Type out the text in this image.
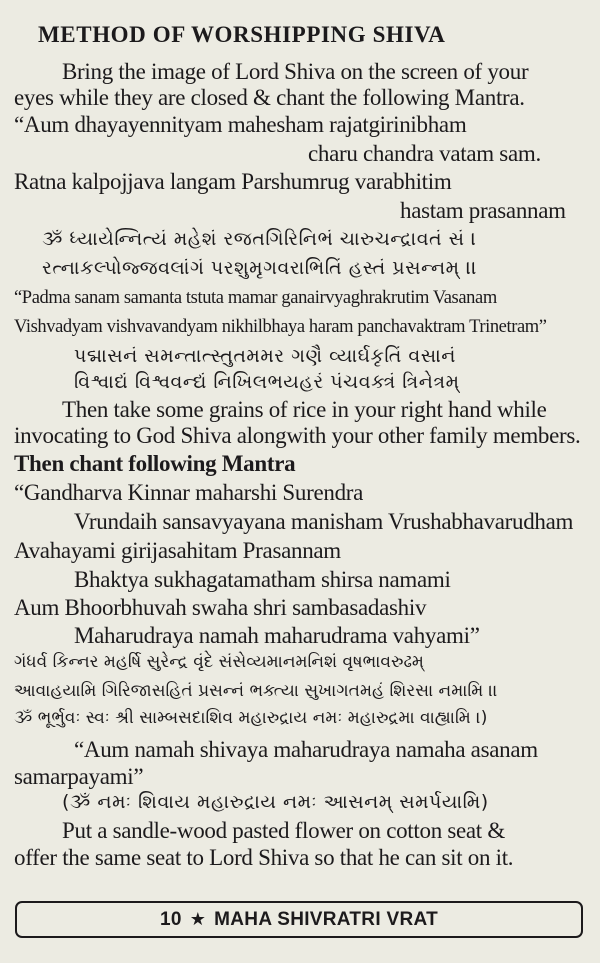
METHOD OF WORSHIPPING SHIVA
Bring the image of Lord Shiva on the screen of your
eyes while they are closed & chant the following Mantra.
“Aum dhayayennityam mahesham rajatgirinibham
charu chandra vatam sam.
Ratna kalpojjava langam Parshumrug varabhitim
hastam prasannam
ૐ ધ્યાયેન્નિત્યં મહેશં રજતગિરિનિભં ચારુચન્દ્રાવતં સં ।
રત્નાકલ્પોજ્જવલાંગં પરશુમૃગવરાભિતિં હસ્તં પ્રસન્નમ્ ।।
“Padma sanam samanta tstuta mamar ganairvyaghrakrutim Vasanam
Vishvadyam vishvavandyam nikhilbhaya haram panchavaktram Trinetram”
પદ્માસનં સમન્તાત્સ્તુતમમર ગણૈ વ્યાર્ઘકૃતિં વસાનં
વિશ્વાદ્યં વિશ્વવન્દ્યં નિખિલભયહરં પંચવક્ત્રં ત્રિનેત્રમ્
Then take some grains of rice in your right hand while
invocating to God Shiva alongwith your other family members.
Then chant following Mantra
“Gandharva Kinnar maharshi Surendra
Vrundaih sansavyayana manisham Vrushabhavarudham
Avahayami girijasahitam Prasannam
Bhaktya sukhagatamatham shirsa namami
Aum Bhoorbhuvah swaha shri sambasadashiv
Maharudraya namah maharudrama vahyami”
ગંધર્વ કિન્નર મહર્ષિ સુરેન્દ્ર વૃંદે સંસેવ્યમાનમનિશં વૃષભાવરુઢમ્
આવાહયામિ ગિરિજાસહિતં પ્રસન્નં ભક્ત્યા સુખાગતમહં શિરસા નમામિ ।।
ૐ ભૂર્ભુવઃ સ્વઃ શ્રી સામ્બસદાશિવ મહારુદ્રાય નમઃ મહારુદ્રમા વાહ્યામિ ।)
“Aum namah shivaya maharudraya namaha asanam
samarpayami”
(ૐ નમઃ શિવાય મહારુદ્રાય નમઃ આસનમ્ સમર્પયામિ)
Put a sandle-wood pasted flower on cotton seat &
offer the same seat to Lord Shiva so that he can sit on it.
10 ★ MAHA SHIVRATRI VRAT
